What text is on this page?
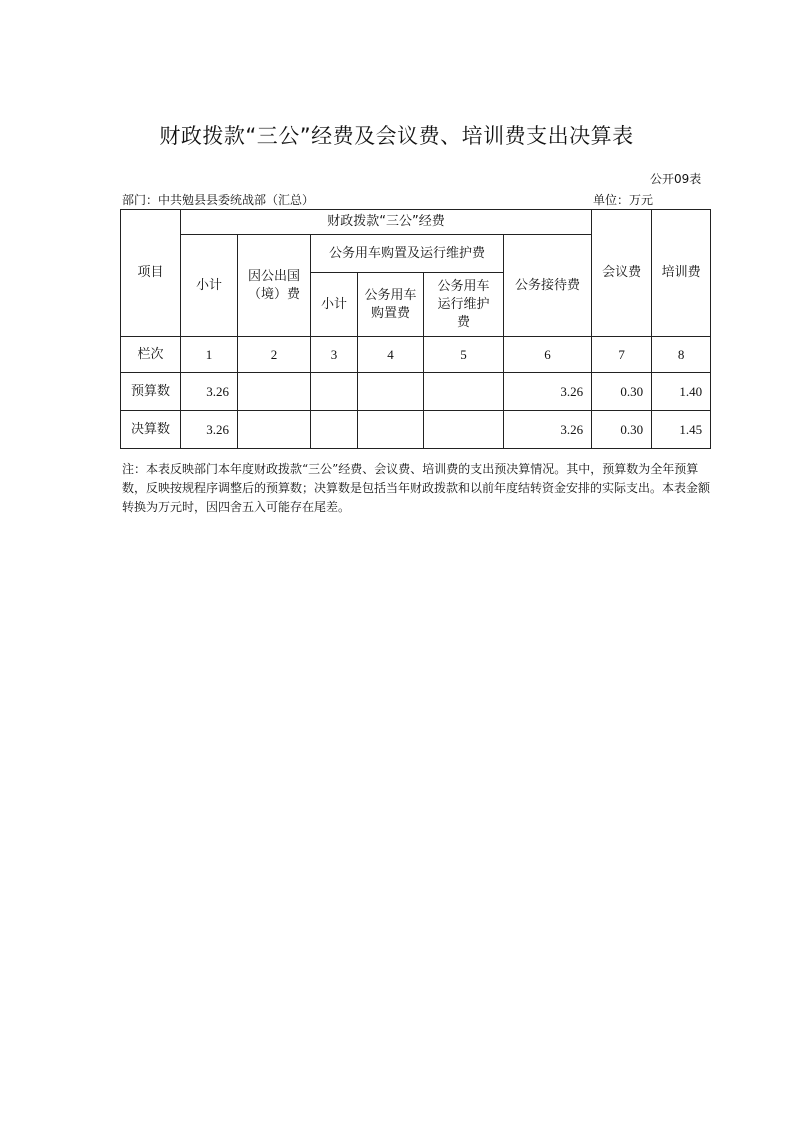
财政拨款“三公”经费及会议费、培训费支出决算表
公开09表
部门：中共勉县县委统战部（汇总）	单位：万元
项目	财政拨款“三公”经费						会议费	培训费
	小计	因公出国（境）费	公务用车购置及运行维护费			公务接待费		
			小计	公务用车购置费	公务用车运行维护费			
栏次	1	2	3	4	5	6	7	8
预算数	3.26					3.26	0.30	1.40
决算数	3.26					3.26	0.30	1.45
注：本表反映部门本年度财政拨款“三公”经费、会议费、培训费的支出预决算情况。其中，预算数为全年预算数，反映按规程序调整后的预算数；决算数是包括当年财政拨款和以前年度结转资金安排的实际支出。本表金额转换为万元时，因四舍五入可能存在尾差。
